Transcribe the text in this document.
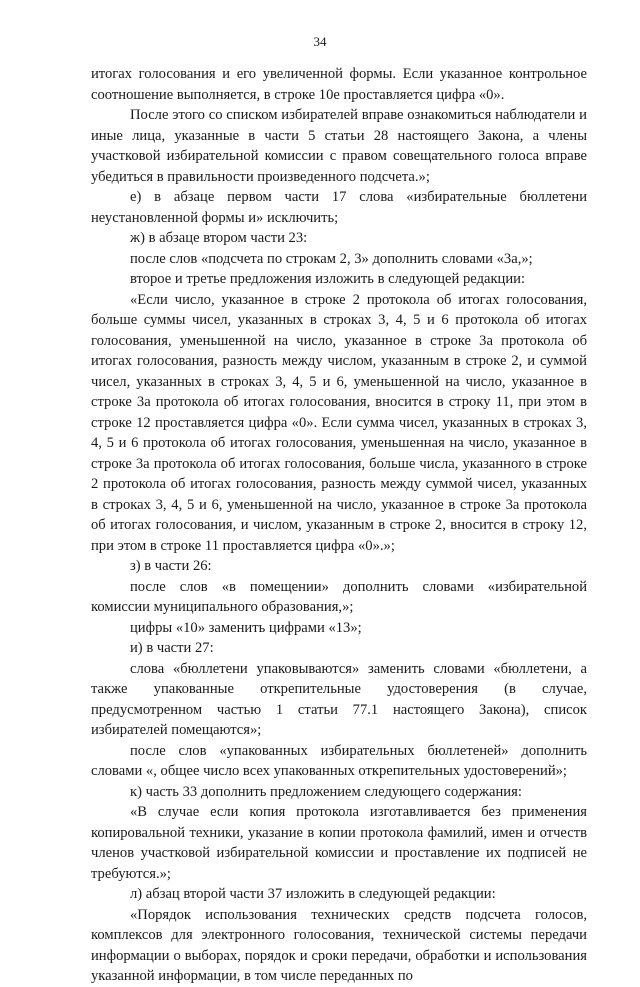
34

итогах голосования и его увеличенной формы. Если указанное контрольное соотношение выполняется, в строке 10е проставляется цифра «0».

После этого со списком избирателей вправе ознакомиться наблюдатели и иные лица, указанные в части 5 статьи 28 настоящего Закона, а члены участковой избирательной комиссии с правом совещательного голоса вправе убедиться в правильности произведенного подсчета.»;

е) в абзаце первом части 17 слова «избирательные бюллетени неустановленной формы и» исключить;

ж) в абзаце втором части 23:

после слов «подсчета по строкам 2, 3» дополнить словами «3а,»;

второе и третье предложения изложить в следующей редакции:

«Если число, указанное в строке 2 протокола об итогах голосования, больше суммы чисел, указанных в строках 3, 4, 5 и 6 протокола об итогах голосования, уменьшенной на число, указанное в строке 3а протокола об итогах голосования, разность между числом, указанным в строке 2, и суммой чисел, указанных в строках 3, 4, 5 и 6, уменьшенной на число, указанное в строке 3а протокола об итогах голосования, вносится в строку 11, при этом в строке 12 проставляется цифра «0». Если сумма чисел, указанных в строках 3, 4, 5 и 6 протокола об итогах голосования, уменьшенная на число, указанное в строке 3а протокола об итогах голосования, больше числа, указанного в строке 2 протокола об итогах голосования, разность между суммой чисел, указанных в строках 3, 4, 5 и 6, уменьшенной на число, указанное в строке 3а протокола об итогах голосования, и числом, указанным в строке 2, вносится в строку 12, при этом в строке 11 проставляется цифра «0».»;

з) в части 26:

после слов «в помещении» дополнить словами «избирательной комиссии муниципального образования,»;

цифры «10» заменить цифрами «13»;

и) в части 27:

слова «бюллетени упаковываются» заменить словами «бюллетени, а также упакованные открепительные удостоверения (в случае, предусмотренном частью 1 статьи 77.1 настоящего Закона), список избирателей помещаются»;

после слов «упакованных избирательных бюллетеней» дополнить словами «, общее число всех упакованных открепительных удостоверений»;

к) часть 33 дополнить предложением следующего содержания:

«В случае если копия протокола изготавливается без применения копировальной техники, указание в копии протокола фамилий, имен и отчеств членов участковой избирательной комиссии и проставление их подписей не требуются.»;

л) абзац второй части 37 изложить в следующей редакции:

«Порядок использования технических средств подсчета голосов, комплексов для электронного голосования, технической системы передачи информации о выборах, порядок и сроки передачи, обработки и использования указанной информации, в том числе переданных по
